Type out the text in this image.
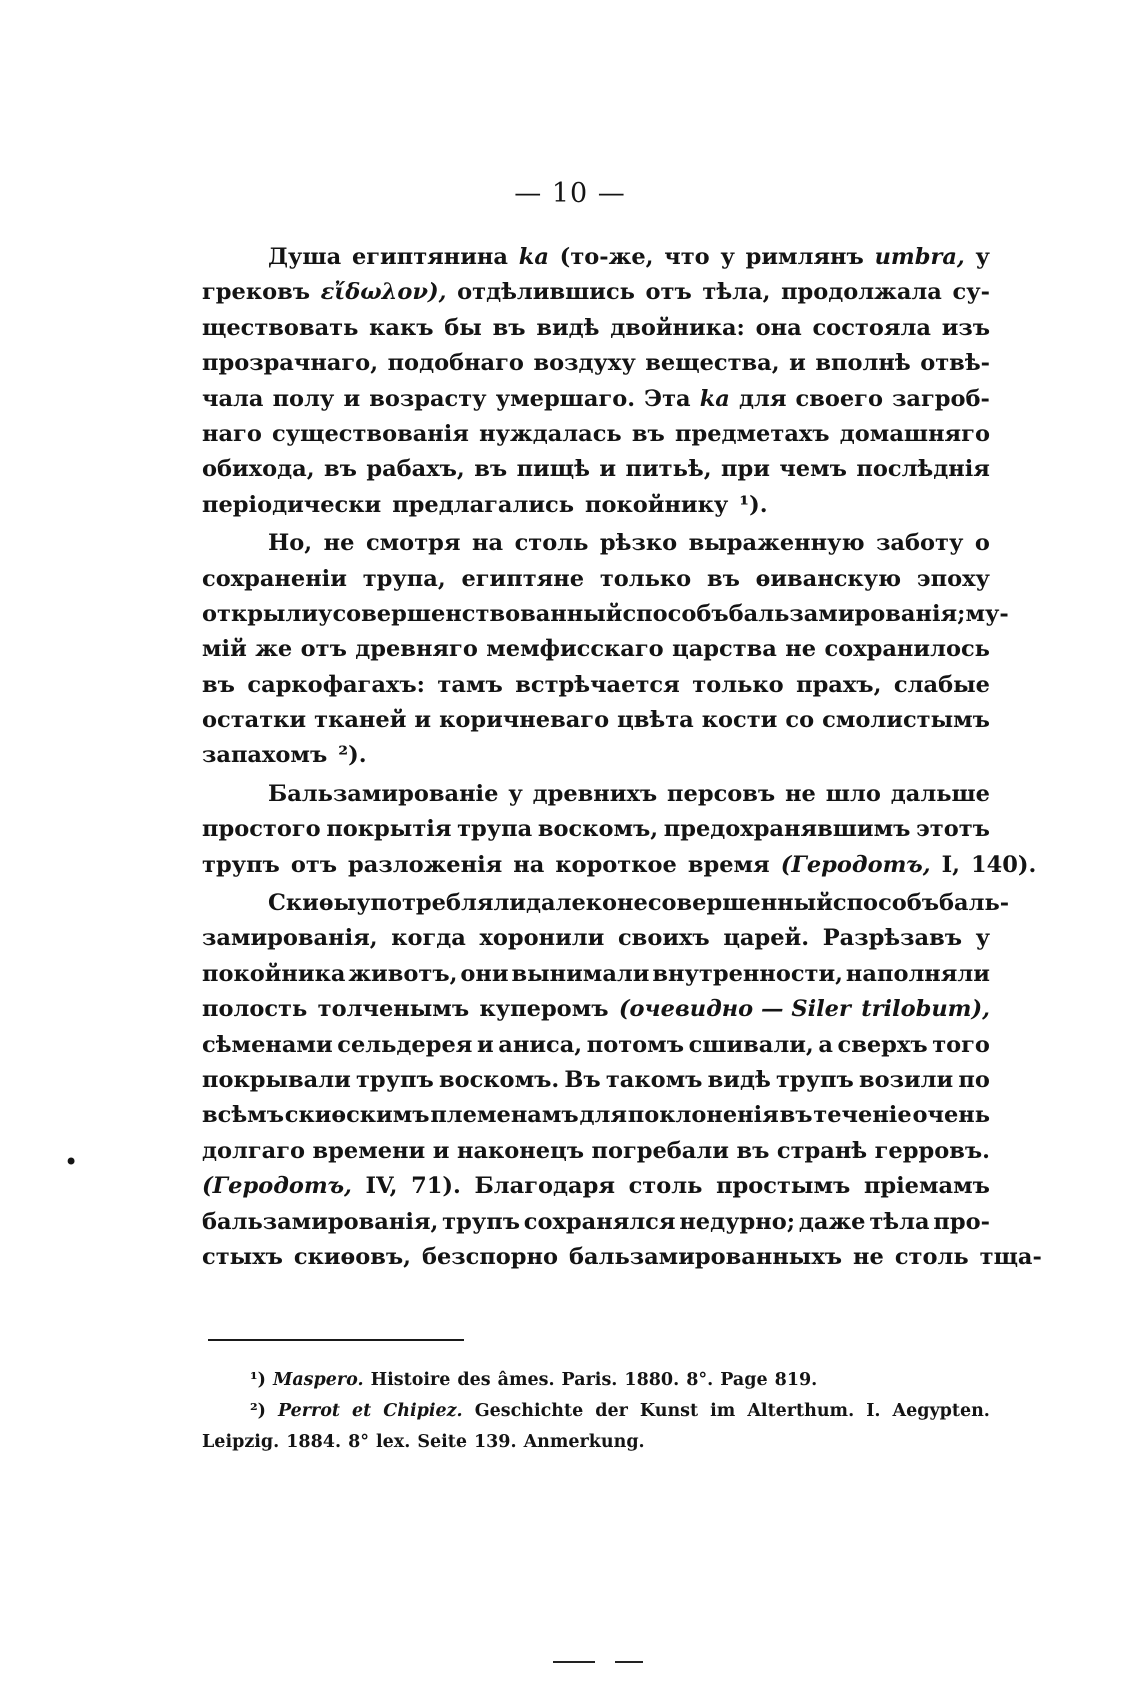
— 10 —
Душа египтянина ka (то-же, что у римлянъ umbra, у
грековъ εἴδωλον), отдѣлившись отъ тѣла, продолжала су-
ществовать какъ бы въ видѣ двойника: она состояла изъ
прозрачнаго, подобнаго воздуху вещества, и вполнѣ отвѣ-
чала полу и возрасту умершаго. Эта ka для своего загроб-
наго существованія нуждалась въ предметахъ домашняго
обихода, въ рабахъ, въ пищѣ и питьѣ, при чемъ послѣднія
періодически предлагались покойнику ¹).
Но, не смотря на столь рѣзко выраженную заботу о
сохраненіи трупа, египтяне только въ ѳиванскую эпоху
открыли усовершенствованный способъ бальзамированія; му-
мій же отъ древняго мемфисскаго царства не сохранилось
въ саркофагахъ: тамъ встрѣчается только прахъ, слабые
остатки тканей и коричневаго цвѣта кости со смолистымъ
запахомъ ²).
Бальзамированіе у древнихъ персовъ не шло дальше
простого покрытія трупа воскомъ, предохранявшимъ этотъ
трупъ отъ разложенія на короткое время (Геродотъ, I, 140).
Скиѳы употребляли далеко не совершенный способъ баль-
замированія, когда хоронили своихъ царей. Разрѣзавъ у
покойника животъ, они вынимали внутренности, наполняли
полость толченымъ куперомъ (очевидно — Siler trilobum),
сѣменами сельдерея и аниса, потомъ сшивали, а сверхъ того
покрывали трупъ воскомъ. Въ такомъ видѣ трупъ возили по
всѣмъ скиѳскимъ племенамъ для поклоненія въ теченіе очень
долгаго времени и наконецъ погребали въ странѣ герровъ.
(Геродотъ, IV, 71). Благодаря столь простымъ пріемамъ
бальзамированія, трупъ сохранялся недурно; даже тѣла про-
стыхъ скиѳовъ, безспорно бальзамированныхъ не столь тща-
¹) Maspero. Histoire des âmes. Paris. 1880. 8°. Page 819.
²) Perrot et Chipiez. Geschichte der Kunst im Alterthum. I. Aegypten.
Leipzig. 1884. 8° lex. Seite 139. Anmerkung.
•
